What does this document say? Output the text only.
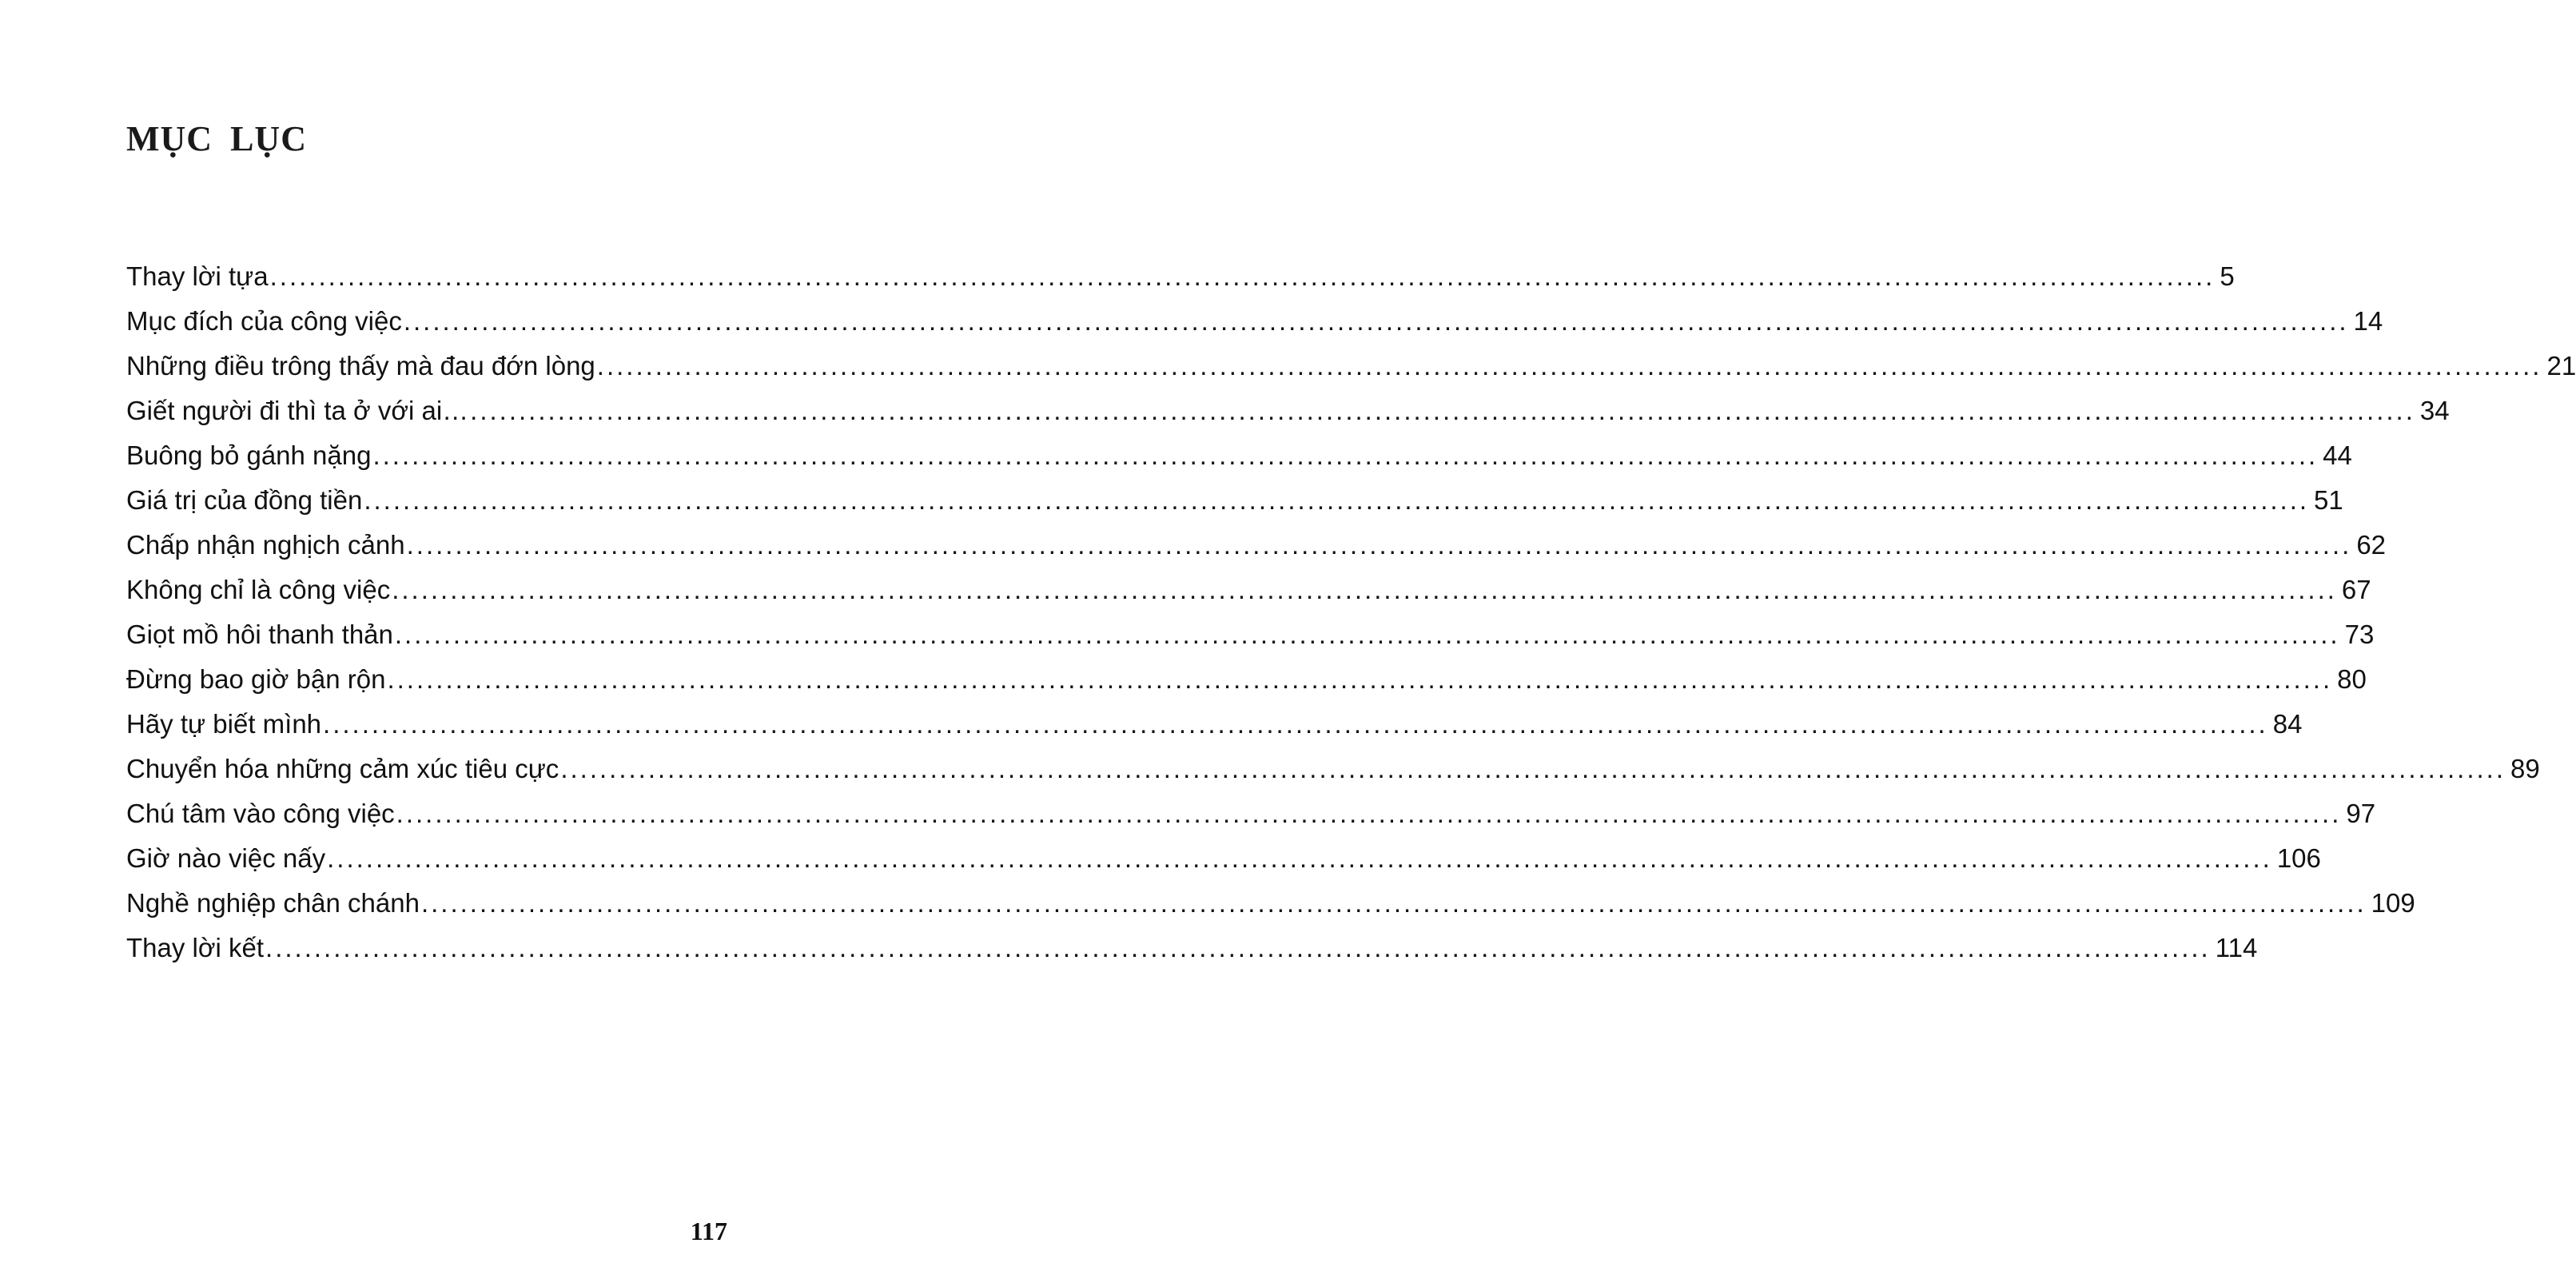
MỤC LỤC
Thay lời tựa ........................................................................................................................................................................................................ 5
Mục đích của công việc ........................................................................................................................................................................................................ 14
Những điều trông thấy mà đau đớn lòng ........................................................................................................................................................................................................ 21
Giết người đi thì ta ở với ai… ........................................................................................................................................................................................................ 34
Buông bỏ gánh nặng ........................................................................................................................................................................................................ 44
Giá trị của đồng tiền ........................................................................................................................................................................................................ 51
Chấp nhận nghịch cảnh ........................................................................................................................................................................................................ 62
Không chỉ là công việc ........................................................................................................................................................................................................ 67
Giọt mồ hôi thanh thản ........................................................................................................................................................................................................ 73
Đừng bao giờ bận rộn ........................................................................................................................................................................................................ 80
Hãy tự biết mình ........................................................................................................................................................................................................ 84
Chuyển hóa những cảm xúc tiêu cực ........................................................................................................................................................................................................ 89
Chú tâm vào công việc ........................................................................................................................................................................................................ 97
Giờ nào việc nấy ........................................................................................................................................................................................................ 106
Nghề nghiệp chân chánh ........................................................................................................................................................................................................ 109
Thay lời kết ........................................................................................................................................................................................................ 114
117
